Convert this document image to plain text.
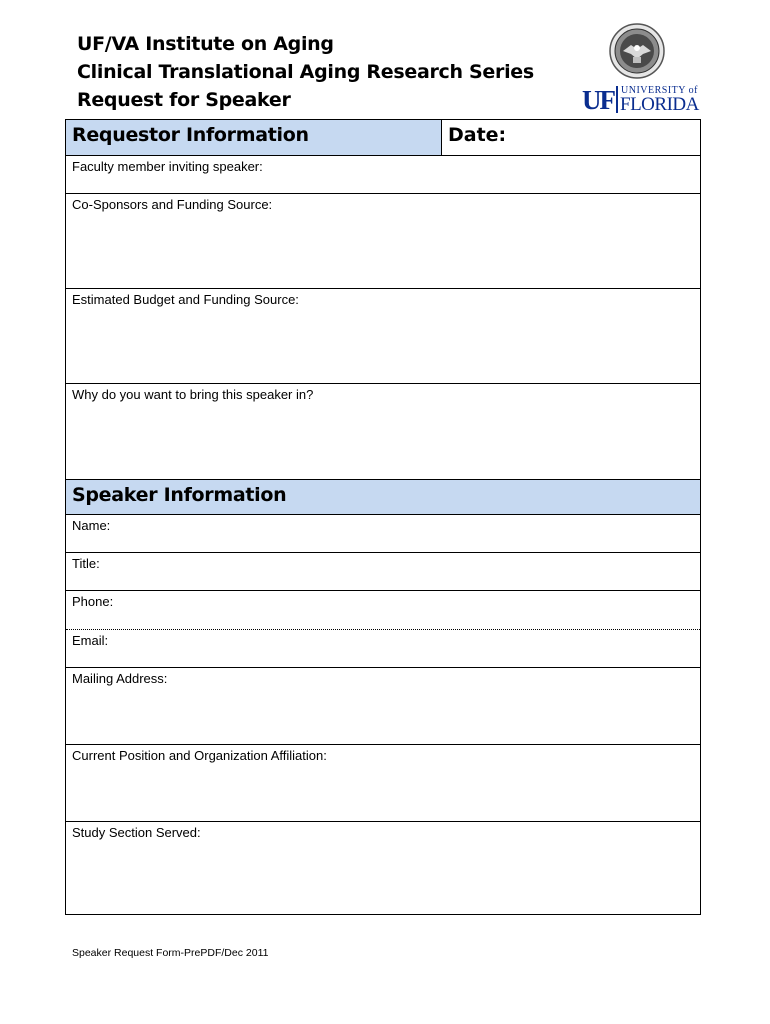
UF/VA Institute on Aging
Clinical Translational Aging Research Series
Request for Speaker	UF UNIVERSITY of
FLORIDA
Requestor Information	Date:
Faculty member inviting speaker:
Co-Sponsors and Funding Source:
Estimated Budget and Funding Source:
Why do you want to bring this speaker in?
Speaker Information
Name:
Title:
Phone:
Email:
Mailing Address:
Current Position and Organization Affiliation:
Study Section Served:
Speaker Request Form-PrePDF/Dec 2011
